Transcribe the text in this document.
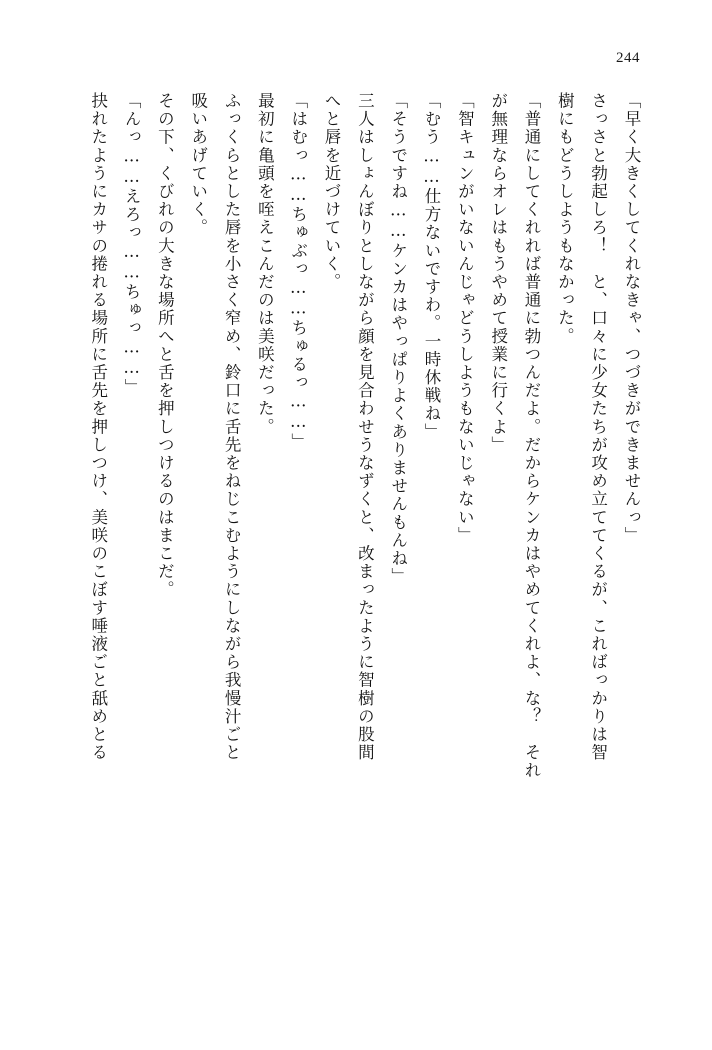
244

「早く大きくしてくれなきゃ、つづきができませんっ」

さっさと勃起しろ！　と、口々に少女たちが攻め立ててくるが、こればっかりは智

樹にもどうしようもなかった。

「普通にしてくれれば普通に勃つんだよ。だからケンカはやめてくれよ、な？　それ

が無理ならオレはもうやめて授業に行くよ」

「智キュンがいないんじゃどうしようもないじゃない」

「むう……仕方ないですわ。一時休戦ね」

「そうですね……ケンカはやっぱりよくありませんもんね」

三人はしょんぼりとしながら顔を見合わせうなずくと、改まったように智樹の股間

へと唇を近づけていく。

「はむっ……ちゅぶっ……ちゅるっ……」

最初に亀頭を咥えこんだのは美咲だった。

ふっくらとした唇を小さく窄め、鈴口に舌先をねじこむようにしながら我慢汁ごと

吸いあげていく。

その下、くびれの大きな場所へと舌を押しつけるのはまこだ。

「んっ……えろっ……ちゅっ……」

抉れたようにカサの捲れる場所に舌先を押しつけ、美咲のこぼす唾液ごと舐めとる
